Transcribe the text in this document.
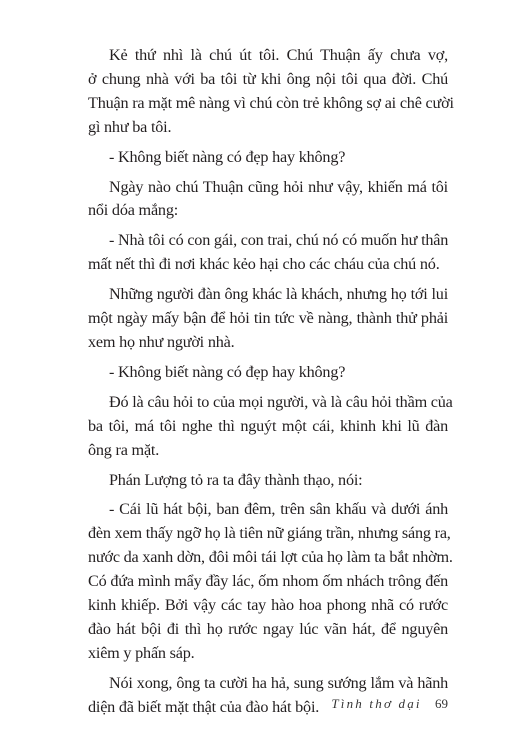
Kẻ thứ nhì là chú út tôi. Chú Thuận ấy chưa vợ,
ở chung nhà với ba tôi từ khi ông nội tôi qua đời. Chú
Thuận ra mặt mê nàng vì chú còn trẻ không sợ ai chê cười
gì như ba tôi.
- Không biết nàng có đẹp hay không?
Ngày nào chú Thuận cũng hỏi như vậy, khiến má tôi
nổi dóa mắng:
- Nhà tôi có con gái, con trai, chú nó có muốn hư thân
mất nết thì đi nơi khác kẻo hại cho các cháu của chú nó.
Những người đàn ông khác là khách, nhưng họ tới lui
một ngày mấy bận để hỏi tin tức về nàng, thành thử phải
xem họ như người nhà.
- Không biết nàng có đẹp hay không?
Đó là câu hỏi to của mọi người, và là câu hỏi thầm của
ba tôi, má tôi nghe thì nguýt một cái, khinh khi lũ đàn
ông ra mặt.
Phán Lượng tỏ ra ta đây thành thạo, nói:
- Cái lũ hát bội, ban đêm, trên sân khấu và dưới ánh
đèn xem thấy ngỡ họ là tiên nữ giáng trần, nhưng sáng ra,
nước da xanh dờn, đôi môi tái lợt của họ làm ta bắt nhờm.
Có đứa mình mẩy đầy lác, ốm nhom ốm nhách trông đến
kinh khiếp. Bởi vậy các tay hào hoa phong nhã có rước
đào hát bội đi thì họ rước ngay lúc vãn hát, để nguyên
xiêm y phấn sáp.
Nói xong, ông ta cười ha hả, sung sướng lắm và hãnh
diện đã biết mặt thật của đào hát bội. Tình thơ dại 69
